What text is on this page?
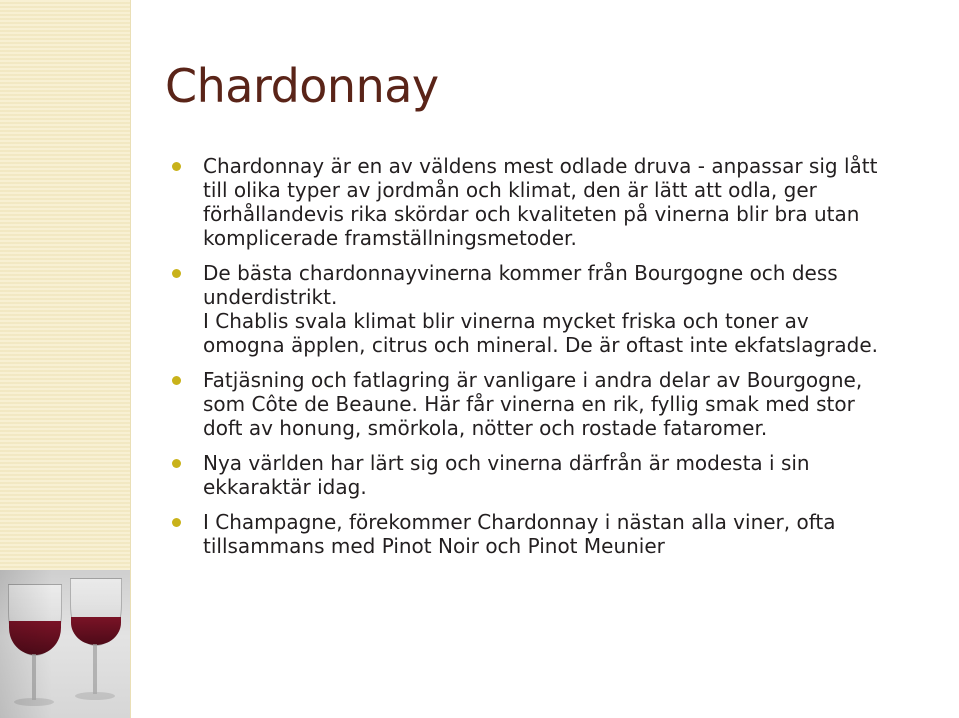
Chardonnay
Chardonnay är en av väldens mest odlade druva - anpassar sig lått
till olika typer av jordmån och klimat, den är lätt att odla, ger
förhållandevis rika skördar och kvaliteten på vinerna blir bra utan
komplicerade framställningsmetoder.
De bästa chardonnayvinerna kommer från Bourgogne och dess
underdistrikt.
I Chablis svala klimat blir vinerna mycket friska och toner av
omogna äpplen, citrus och mineral. De är oftast inte ekfatslagrade.
Fatjäsning och fatlagring är vanligare i andra delar av Bourgogne,
som Côte de Beaune. Här får vinerna en rik, fyllig smak med stor
doft av honung, smörkola, nötter och rostade fataromer.
Nya världen har lärt sig och vinerna därfrån är modesta i sin
ekkaraktär idag.
I Champagne, förekommer Chardonnay i nästan alla viner, ofta
tillsammans med Pinot Noir och Pinot Meunier
